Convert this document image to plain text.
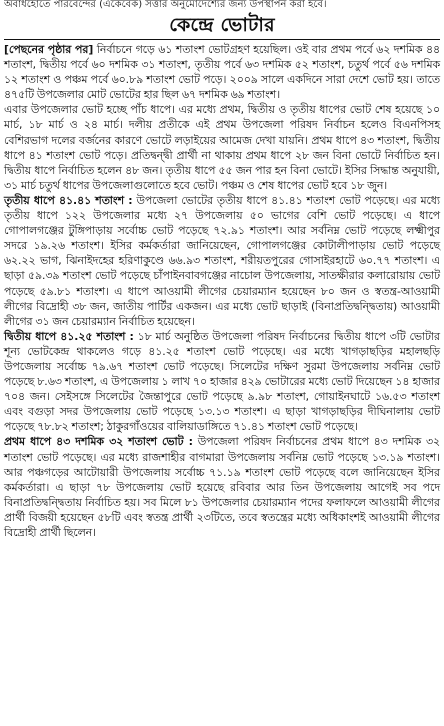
অবাধহোতে পারবেন্দের (একেবেক) সত্তার অনুমোদেশ্যের জন্য উপস্থাপন করা হবে।
কেন্দ্রে ভোটার

[পেছনের পৃষ্ঠার পর] নির্বাচনে গড়ে ৬১ শতাংশ ভোটগ্রহণ হয়েছিল। ওই বার প্রথম পর্বে ৬২ দশমিক ৪৪ শতাংশ, দ্বিতীয় পর্বে ৬০ দশমিক ৩১ শতাংশ, তৃতীয় পর্বে ৬৩ দশমিক ৫২ শতাংশ, চতুর্থ পর্বে ৫৬ দশমিক ১২ শতাংশ ও পঞ্চম পর্বে ৬০.৮৯ শতাংশ ভোট পড়ে। ২০০৯ সালে একদিনে সারা দেশে ভোট হয়। তাতে ৪৭৫টি উপজেলার মোট ভোটের হার ছিল ৬৭ দশমিক ৬৯ শতাংশ।

এবার উপজেলার ভোট হচ্ছে পাঁচ ধাপে। এর মধ্যে প্রথম, দ্বিতীয় ও তৃতীয় ধাপের ভোট শেষ হয়েছে ১০ মার্চ, ১৮ মার্চ ও ২৪ মার্চ। দলীয় প্রতীকে এই প্রথম উপজেলা পরিষদ নির্বাচন হলেও বিএনপিসহ বেশিরভাগ দলের বর্জনের কারণে ভোটে লড়াইয়ের আমেজ দেখা যায়নি। প্রথম ধাপে ৪৩ শতাংশ, দ্বিতীয় ধাপে ৪১ শতাংশ ভোট পড়ে। প্রতিদ্বন্দ্বী প্রার্থী না থাকায় প্রথম ধাপে ২৮ জন বিনা ভোটে নির্বাচিত হন। দ্বিতীয় ধাপে নির্বাচিত হলেন ৪৮ জন। তৃতীয় ধাপে ৫৫ জন পার হন বিনা ভোটে। ইসির সিদ্ধান্ত অনুযায়ী, ৩১ মার্চ চতুর্থ ধাপের উপজেলাগুলোতে হবে ভোট। পঞ্চম ও শেষ ধাপের ভোট হবে ১৮ জুন।

তৃতীয় ধাপে ৪১.৪১ শতাংশ : উপজেলা ভোটের তৃতীয় ধাপে ৪১.৪১ শতাংশ ভোট পড়েছে। এর মধ্যে তৃতীয় ধাপে ১২২ উপজেলার মধ্যে ২৭ উপজেলায় ৫০ ভাগের বেশি ভোট পড়েছে। এ ধাপে গোপালগঞ্জের টুঙ্গিপাড়ায় সর্বোচ্চ ভোট পড়েছে ৭২.৯১ শতাংশ। আর সর্বনিম্ন ভোট পড়েছে লক্ষ্মীপুর সদরে ১৯.২৬ শতাংশ। ইসির কর্মকর্তারা জানিয়েছেন, গোপালগঞ্জের কোটালীপাড়ায় ভোট পড়েছে ৬২.২২ ভাগ, ঝিনাইদহের হরিণাকুণ্ডে ৬৬.৯৩ শতাংশ, শরীয়তপুরের গোসাইরহাটে ৬০.৭৭ শতাংশ। এ ছাড়া ৫৯.৩৯ শতাংশ ভোট পড়েছে চাঁপাইনবাবগঞ্জের নাচোল উপজেলায়, সাতক্ষীরার কলারোয়ায় ভোট পড়েছে ৫৯.৮১ শতাংশ। এ ধাপে আওয়ামী লীগের চেয়ারম্যান হয়েছেন ৮০ জন ও স্বতন্ত্র-আওয়ামী লীগের বিদ্রোহী ৩৮ জন, জাতীয় পার্টির একজন। এর মধ্যে ভোট ছাড়াই (বিনাপ্রতিদ্বন্দ্বিতায়) আওয়ামী লীগের ৩১ জন চেয়ারম্যান নির্বাচিত হয়েছেন।

দ্বিতীয় ধাপে ৪১.২৫ শতাংশ : ১৮ মার্চ অনুষ্ঠিত উপজেলা পরিষদ নির্বাচনের দ্বিতীয় ধাপে ৩টি ভোটার শূন্য ভোটকেন্দ্র থাকলেও গড়ে ৪১.২৫ শতাংশ ভোট পড়েছে। এর মধ্যে খাগড়াছড়ির মহালছড়ি উপজেলায় সর্বোচ্চ ৭৯.৬৭ শতাংশ ভোট পড়েছে। সিলেটের দক্ষিণ সুরমা উপজেলায় সর্বনিম্ন ভোট পড়েছে ৮.৬৩ শতাংশ, এ উপজেলায় ১ লাখ ৭০ হাজার ৪২৯ ভোটারের মধ্যে ভোট দিয়েছেন ১৪ হাজার ৭০৪ জন। সেইসঙ্গে সিলেটের জৈন্তাপুরে ভোট পড়েছে ৯.৯৮ শতাংশ, গোয়াইনঘাটে ১৬.৫৩ শতাংশ এবং বগুড়া সদর উপজেলায় ভোট পড়েছে ১৩.১৩ শতাংশ। এ ছাড়া খাগড়াছড়ির দীঘিনালায় ভোট পড়েছে ৭৮.৮২ শতাংশ; ঠাকুরগাঁওয়ের বালিয়াডাঙ্গিতে ৭১.৪১ শতাংশ ভোট পড়েছে।

প্রথম ধাপে ৪৩ দশমিক ৩২ শতাংশ ভোট : উপজেলা পরিষদ নির্বাচনের প্রথম ধাপে ৪৩ দশমিক ৩২ শতাংশ ভোট পড়েছে। এর মধ্যে রাজশাহীর বাগমারা উপজেলায় সর্বনিম্ন ভোট পড়েছে ১৩.১৯ শতাংশ। আর পঞ্চগড়ের আটোয়ারী উপজেলায় সর্বোচ্চ ৭১.১৯ শতাংশ ভোট পড়েছে বলে জানিয়েছেন ইসির কর্মকর্তারা। এ ছাড়া ৭৮ উপজেলায় ভোট হয়েছে রবিবার আর তিন উপজেলায় আগেই সব পদে বিনাপ্রতিদ্বন্দ্বিতায় নির্বাচিত হয়। সব মিলে ৮১ উপজেলার চেয়ারম্যান পদের ফলাফলে আওয়ামী লীগের প্রার্থী বিজয়ী হয়েছেন ৫৮টি এবং স্বতন্ত্র প্রার্থী ২৩টিতে, তবে স্বতন্ত্রের মধ্যে অধিকাংশই আওয়ামী লীগের বিদ্রোহী প্রার্থী ছিলেন।
